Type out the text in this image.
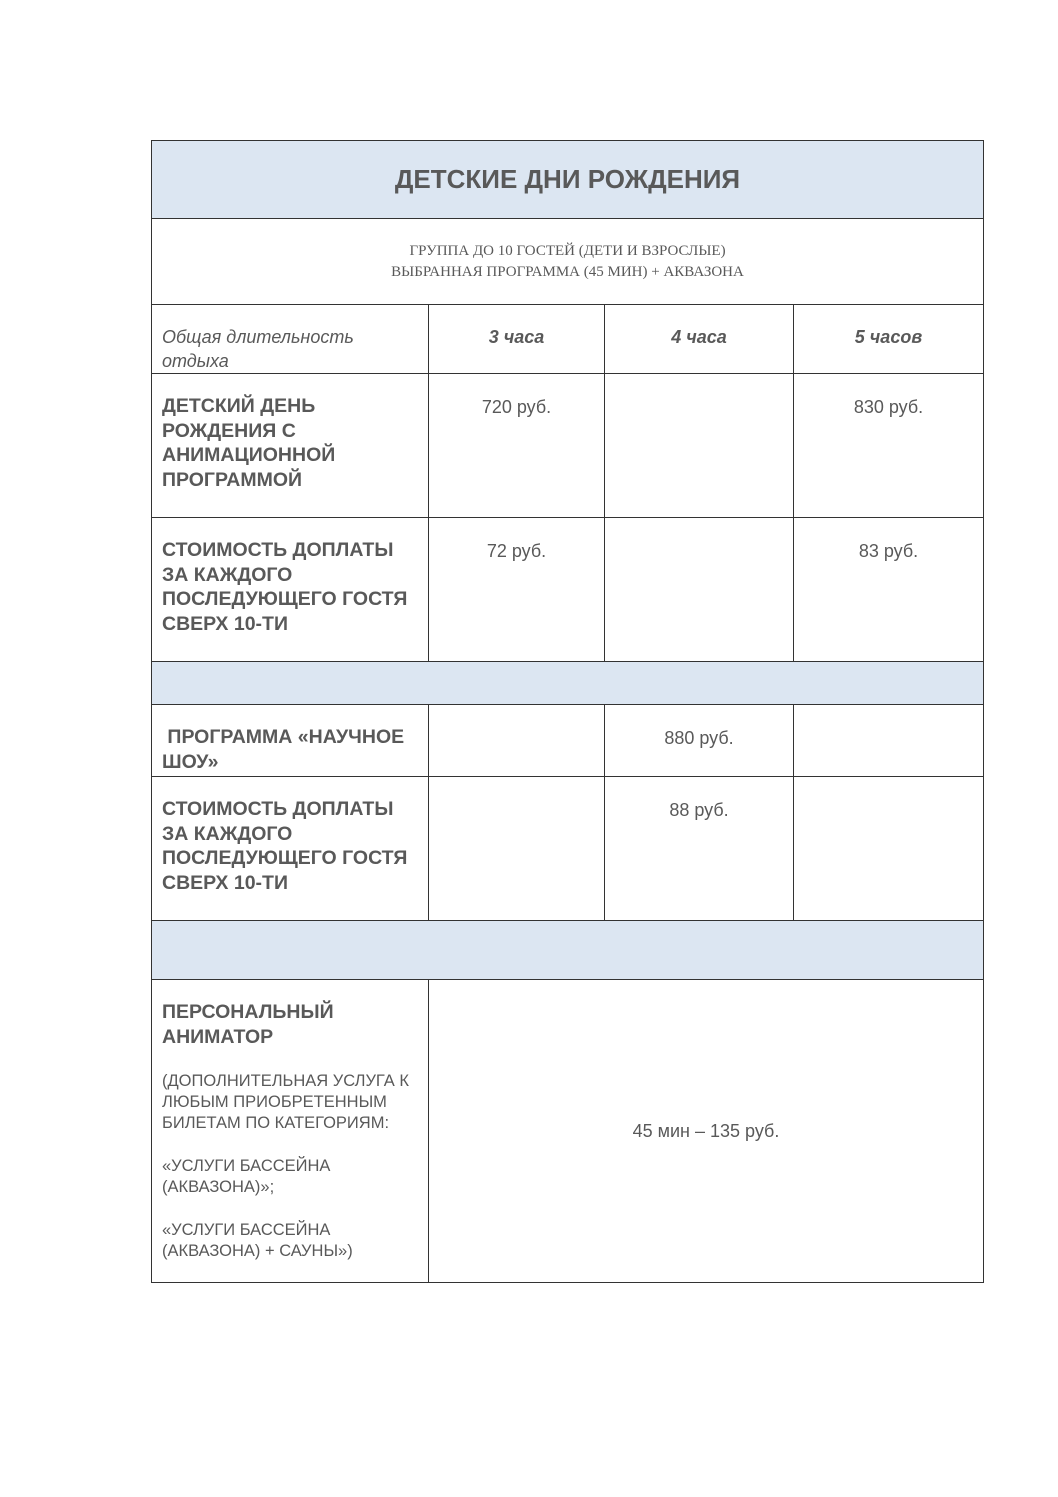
ДЕТСКИЕ ДНИ РОЖДЕНИЯ			

ГРУППА ДО 10 ГОСТЕЙ (ДЕТИ И ВЗРОСЛЫЕ)
ВЫБРАННАЯ ПРОГРАММА (45 МИН) + АКВАЗОНА			

Общая длительность отдыха	3 часа	4 часа	5 часов
ДЕТСКИЙ ДЕНЬ РОЖДЕНИЯ С АНИМАЦИОННОЙ ПРОГРАММОЙ	720 руб.		830 руб.
СТОИМОСТЬ ДОПЛАТЫ ЗА КАЖДОГО ПОСЛЕДУЮЩЕГО ГОСТЯ СВЕРХ 10-ТИ	72 руб.		83 руб.

ПРОГРАММА «НАУЧНОЕ ШОУ»		880 руб.	
СТОИМОСТЬ ДОПЛАТЫ ЗА КАЖДОГО ПОСЛЕДУЮЩЕГО ГОСТЯ СВЕРХ 10-ТИ		88 руб.	

ПЕРСОНАЛЬНЫЙ АНИМАТОР

(ДОПОЛНИТЕЛЬНАЯ УСЛУГА К ЛЮБЫМ ПРИОБРЕТЕННЫМ БИЛЕТАМ ПО КАТЕГОРИЯМ:

«УСЛУГИ БАССЕЙНА (АКВАЗОНА)»;

«УСЛУГИ БАССЕЙНА (АКВАЗОНА) + САУНЫ»)	45 мин – 135 руб.		
